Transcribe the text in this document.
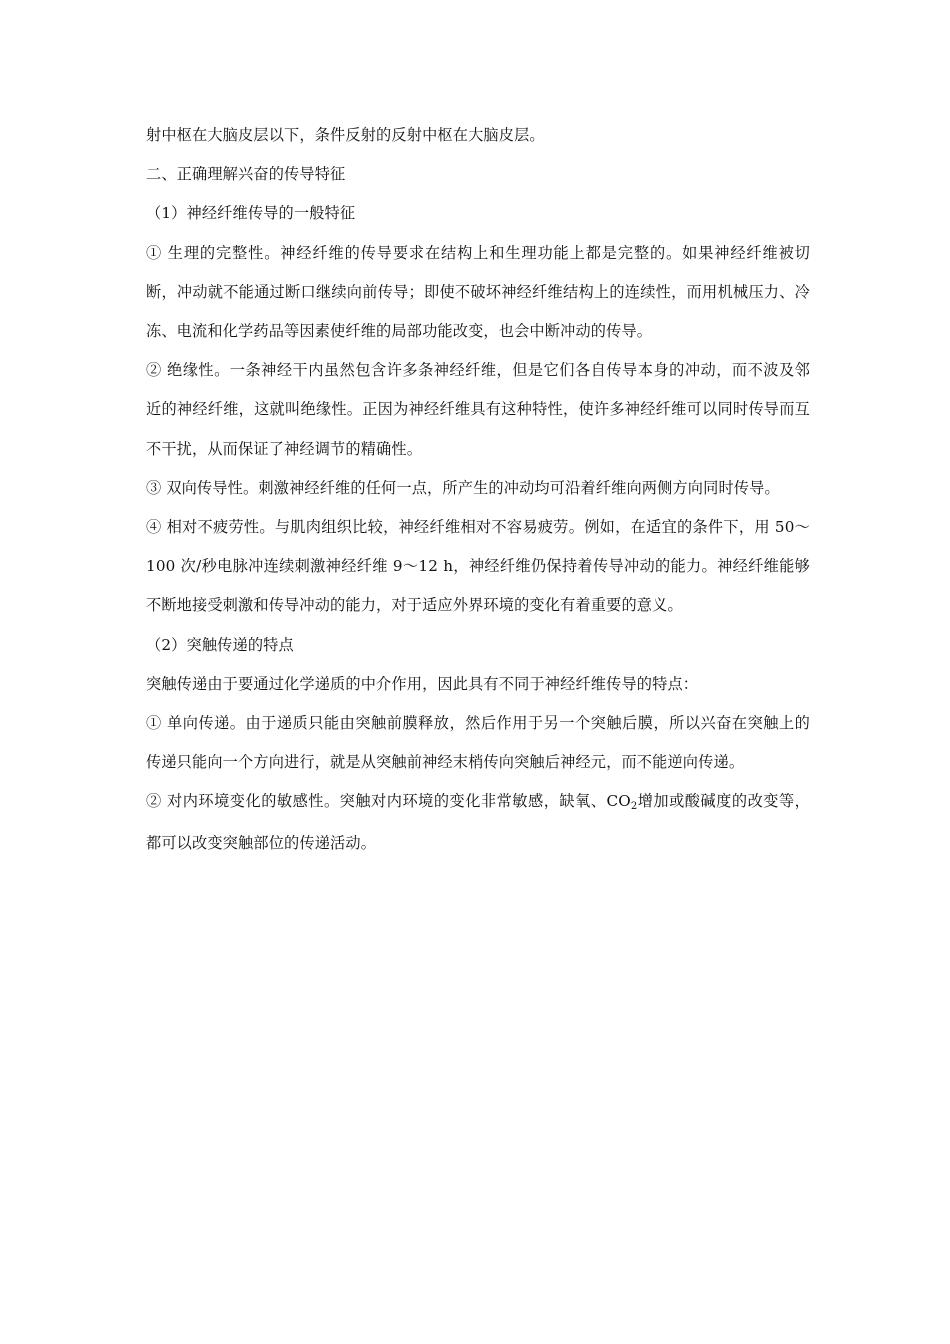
射中枢在大脑皮层以下，条件反射的反射中枢在大脑皮层。

二、正确理解兴奋的传导特征

（1）神经纤维传导的一般特征

① 生理的完整性。神经纤维的传导要求在结构上和生理功能上都是完整的。如果神经纤维被切断，冲动就不能通过断口继续向前传导；即使不破坏神经纤维结构上的连续性，而用机械压力、冷冻、电流和化学药品等因素使纤维的局部功能改变，也会中断冲动的传导。

② 绝缘性。一条神经干内虽然包含许多条神经纤维，但是它们各自传导本身的冲动，而不波及邻近的神经纤维，这就叫绝缘性。正因为神经纤维具有这种特性，使许多神经纤维可以同时传导而互不干扰，从而保证了神经调节的精确性。

③ 双向传导性。刺激神经纤维的任何一点，所产生的冲动均可沿着纤维向两侧方向同时传导。

④ 相对不疲劳性。与肌肉组织比较，神经纤维相对不容易疲劳。例如，在适宜的条件下，用 50～100 次/秒电脉冲连续刺激神经纤维 9～12 h，神经纤维仍保持着传导冲动的能力。神经纤维能够不断地接受刺激和传导冲动的能力，对于适应外界环境的变化有着重要的意义。

（2）突触传递的特点

突触传递由于要通过化学递质的中介作用，因此具有不同于神经纤维传导的特点：

① 单向传递。由于递质只能由突触前膜释放，然后作用于另一个突触后膜，所以兴奋在突触上的传递只能向一个方向进行，就是从突触前神经末梢传向突触后神经元，而不能逆向传递。

② 对内环境变化的敏感性。突触对内环境的变化非常敏感，缺氧、CO2增加或酸碱度的改变等，都可以改变突触部位的传递活动。
